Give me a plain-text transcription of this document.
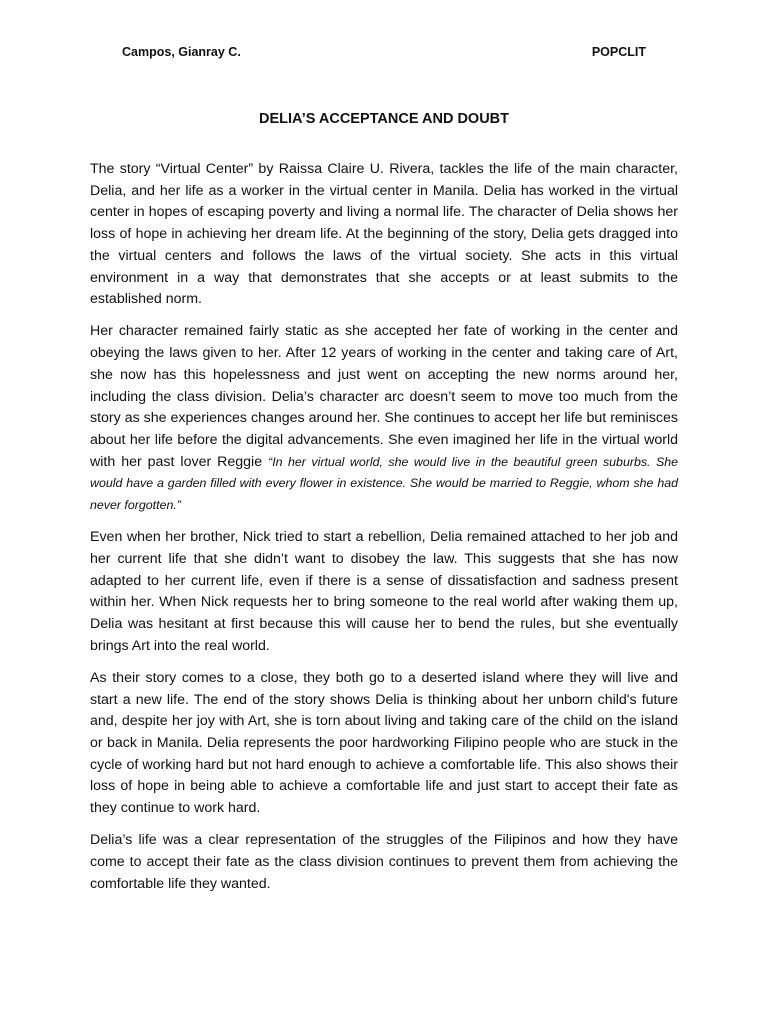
Campos, Gianray C.	POPCLIT
DELIA’S ACCEPTANCE AND DOUBT

The story “Virtual Center” by Raissa Claire U. Rivera, tackles the life of the main character, Delia, and her life as a worker in the virtual center in Manila. Delia has worked in the virtual center in hopes of escaping poverty and living a normal life. The character of Delia shows her loss of hope in achieving her dream life. At the beginning of the story, Delia gets dragged into the virtual centers and follows the laws of the virtual society. She acts in this virtual environment in a way that demonstrates that she accepts or at least submits to the established norm.

Her character remained fairly static as she accepted her fate of working in the center and obeying the laws given to her. After 12 years of working in the center and taking care of Art, she now has this hopelessness and just went on accepting the new norms around her, including the class division. Delia’s character arc doesn’t seem to move too much from the story as she experiences changes around her. She continues to accept her life but reminisces about her life before the digital advancements. She even imagined her life in the virtual world with her past lover Reggie “In her virtual world, she would live in the beautiful green suburbs. She would have a garden filled with every flower in existence. She would be married to Reggie, whom she had never forgotten.”

Even when her brother, Nick tried to start a rebellion, Delia remained attached to her job and her current life that she didn’t want to disobey the law. This suggests that she has now adapted to her current life, even if there is a sense of dissatisfaction and sadness present within her. When Nick requests her to bring someone to the real world after waking them up, Delia was hesitant at first because this will cause her to bend the rules, but she eventually brings Art into the real world.

As their story comes to a close, they both go to a deserted island where they will live and start a new life. The end of the story shows Delia is thinking about her unborn child's future and, despite her joy with Art, she is torn about living and taking care of the child on the island or back in Manila. Delia represents the poor hardworking Filipino people who are stuck in the cycle of working hard but not hard enough to achieve a comfortable life. This also shows their loss of hope in being able to achieve a comfortable life and just start to accept their fate as they continue to work hard.

Delia’s life was a clear representation of the struggles of the Filipinos and how they have come to accept their fate as the class division continues to prevent them from achieving the comfortable life they wanted.
